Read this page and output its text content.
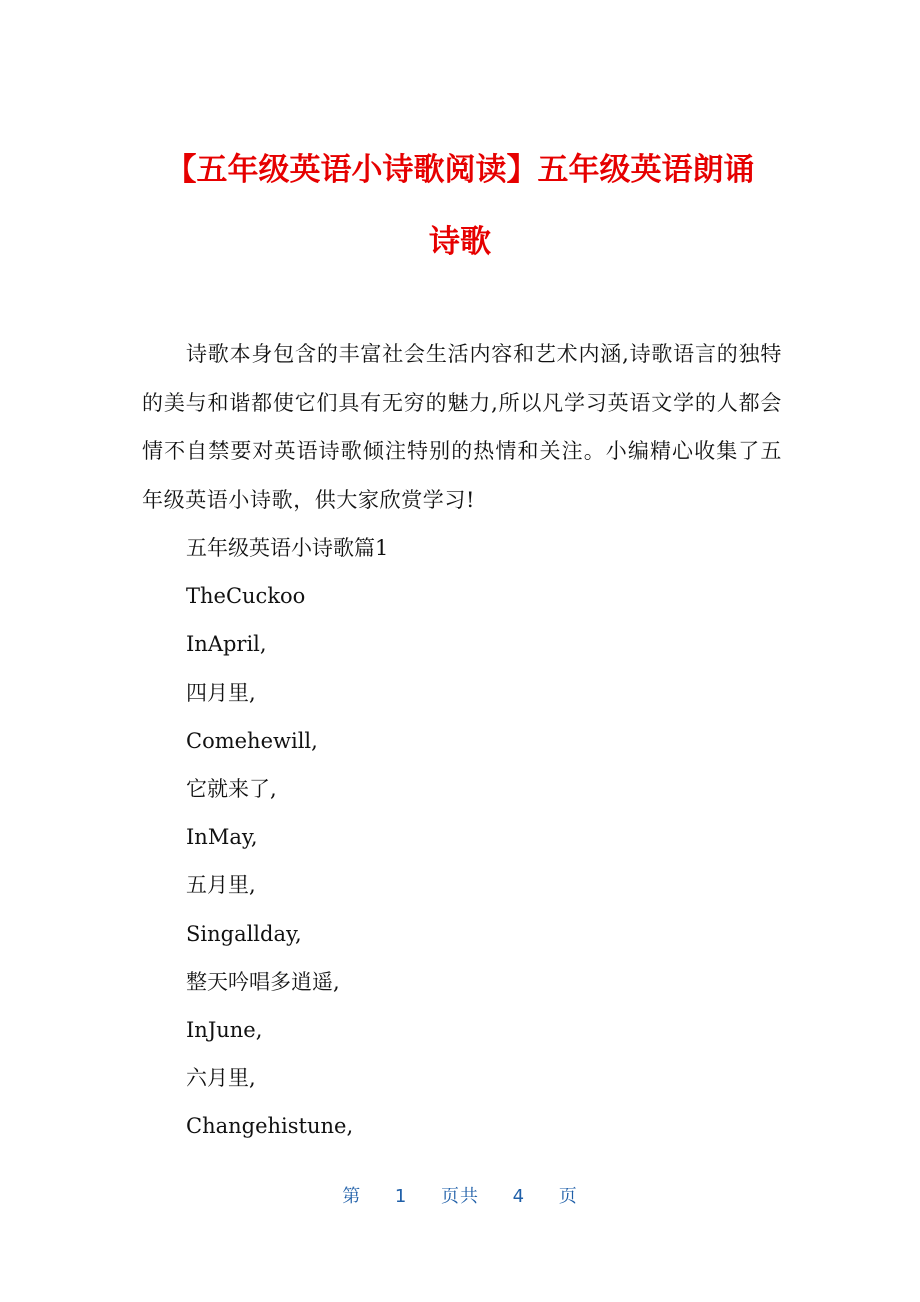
【五年级英语小诗歌阅读】五年级英语朗诵
诗歌

诗歌本身包含的丰富社会生活内容和艺术内涵,诗歌语言的独特的美与和谐都使它们具有无穷的魅力,所以凡学习英语文学的人都会情不自禁要对英语诗歌倾注特别的热情和关注。小编精心收集了五年级英语小诗歌，供大家欣赏学习!

五年级英语小诗歌篇1

TheCuckoo

InApril,

四月里,

Comehewill,

它就来了,

InMay,

五月里,

Singallday,

整天吟唱多逍遥,

InJune,

六月里,

Changehistune,

第 1 页共 4 页
